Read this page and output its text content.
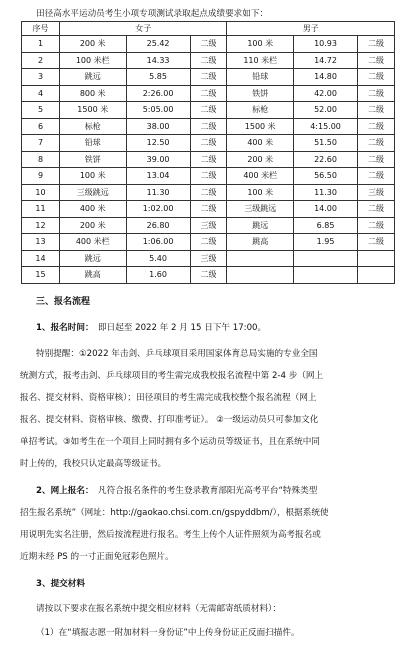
田径高水平运动员考生小项专项测试录取起点成绩要求如下：
序号	女子			男子		
1	200 米	25.42	二级	100 米	10.93	二级
2	100 米栏	14.33	二级	110 米栏	14.72	二级
3	跳远	5.85	二级	铅球	14.80	二级
4	800 米	2:26.00	二级	铁饼	42.00	二级
5	1500 米	5:05.00	二级	标枪	52.00	二级
6	标枪	38.00	二级	1500 米	4:15.00	二级
7	铅球	12.50	二级	400 米	51.50	二级
8	铁饼	39.00	二级	200 米	22.60	二级
9	100 米	13.04	二级	400 米栏	56.50	二级
10	三级跳远	11.30	二级	100 米	11.30	三级
11	400 米	1:02.00	二级	三级跳远	14.00	二级
12	200 米	26.80	三级	跳远	6.85	二级
13	400 米栏	1:06.00	二级	跳高	1.95	二级
14	跳远	5.40	三级			
15	跳高	1.60	二级			
三、报名流程
1、报名时间： 即日起至 2022 年 2 月 15 日下午 17:00。
特别提醒：①2022 年击剑、乒乓球项目采用国家体育总局实施的专业全国
统测方式，报考击剑、乒乓球项目的考生需完成我校报名流程中第 2-4 步（网上
报名、提交材料、资格审核）；田径项目的考生需完成我校整个报名流程（网上
报名、提交材料、资格审核、缴费、打印准考证）。 ②一级运动员只可参加文化
单招考试。③如考生在一个项目上同时拥有多个运动员等级证书，且在系统中同
时上传的，我校只认定最高等级证书。
2、网上报名： 凡符合报名条件的考生登录教育部阳光高考平台“特殊类型
招生报名系统”（网址：http://gaokao.chsi.com.cn/gspyddbm/），根据系统使
用说明先实名注册，然后按流程进行报名。考生上传个人证件照须为高考报名或
近期未经 PS 的一寸正面免冠彩色照片。
3、提交材料
请按以下要求在报名系统中提交相应材料（无需邮寄纸质材料）：
（1）在“填报志愿一附加材料一身份证”中上传身份证正反面扫描件。
